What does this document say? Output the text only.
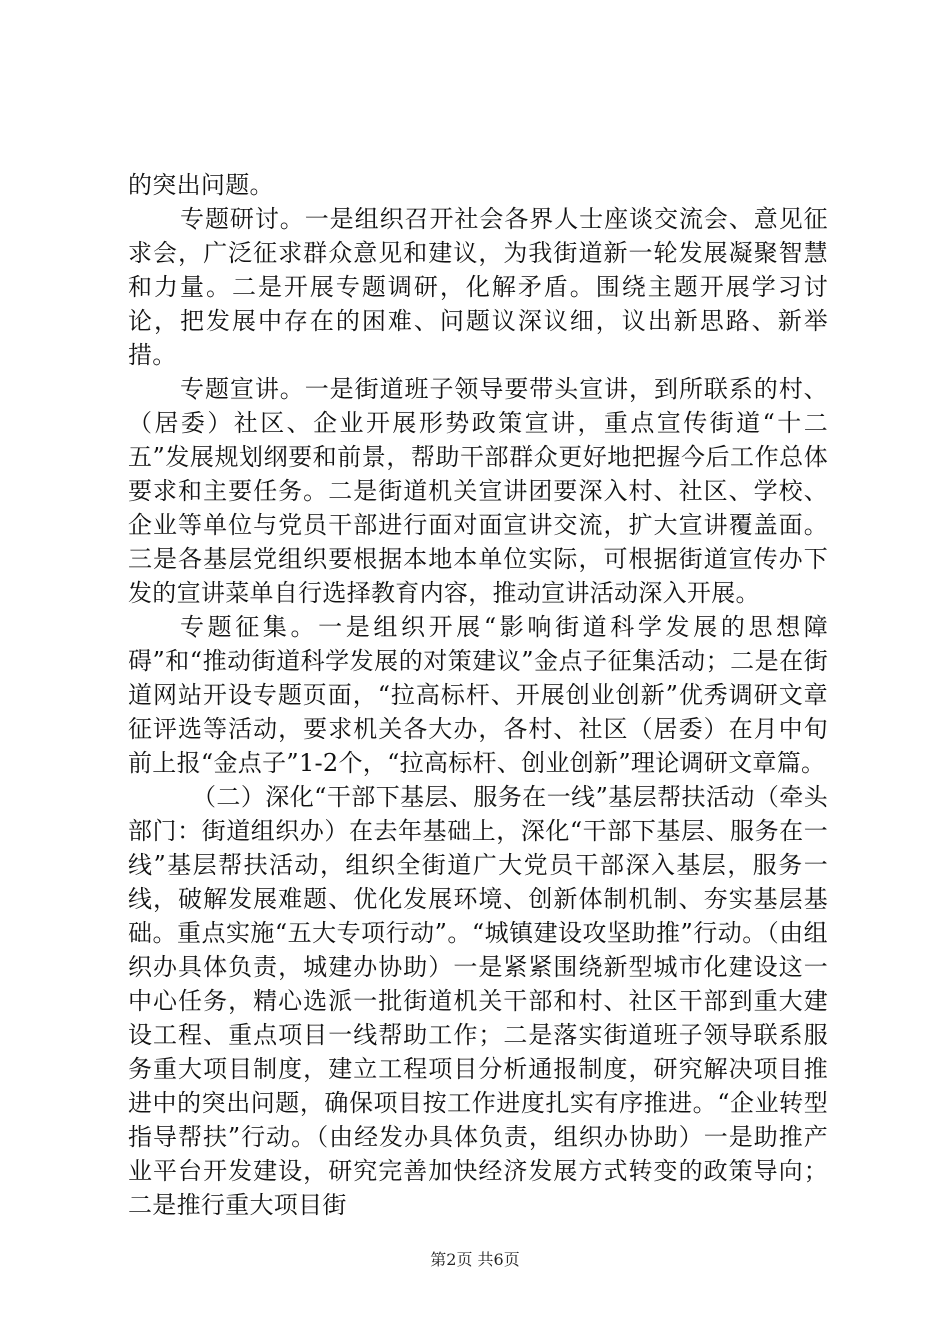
的突出问题。

专题研讨。一是组织召开社会各界人士座谈交流会、意见征求会，广泛征求群众意见和建议，为我街道新一轮发展凝聚智慧和力量。二是开展专题调研，化解矛盾。围绕主题开展学习讨论，把发展中存在的困难、问题议深议细，议出新思路、新举措。

专题宣讲。一是街道班子领导要带头宣讲，到所联系的村、（居委）社区、企业开展形势政策宣讲，重点宣传街道“十二五”发展规划纲要和前景，帮助干部群众更好地把握今后工作总体要求和主要任务。二是街道机关宣讲团要深入村、社区、学校、企业等单位与党员干部进行面对面宣讲交流，扩大宣讲覆盖面。三是各基层党组织要根据本地本单位实际，可根据街道宣传办下发的宣讲菜单自行选择教育内容，推动宣讲活动深入开展。

专题征集。一是组织开展“影响街道科学发展的思想障碍”和“推动街道科学发展的对策建议”金点子征集活动；二是在街道网站开设专题页面，“拉高标杆、开展创业创新”优秀调研文章征评选等活动，要求机关各大办，各村、社区（居委）在月中旬前上报“金点子”1-2个，“拉高标杆、创业创新”理论调研文章篇。

（二）深化“干部下基层、服务在一线”基层帮扶活动（牵头部门：街道组织办）在去年基础上，深化“干部下基层、服务在一线”基层帮扶活动，组织全街道广大党员干部深入基层，服务一线，破解发展难题、优化发展环境、创新体制机制、夯实基层基础。重点实施“五大专项行动”。“城镇建设攻坚助推”行动。（由组织办具体负责，城建办协助）一是紧紧围绕新型城市化建设这一中心任务，精心选派一批街道机关干部和村、社区干部到重大建设工程、重点项目一线帮助工作；二是落实街道班子领导联系服务重大项目制度，建立工程项目分析通报制度，研究解决项目推进中的突出问题，确保项目按工作进度扎实有序推进。“企业转型指导帮扶”行动。（由经发办具体负责，组织办协助）一是助推产业平台开发建设，研究完善加快经济发展方式转变的政策导向；二是推行重大项目街

第2页 共6页
